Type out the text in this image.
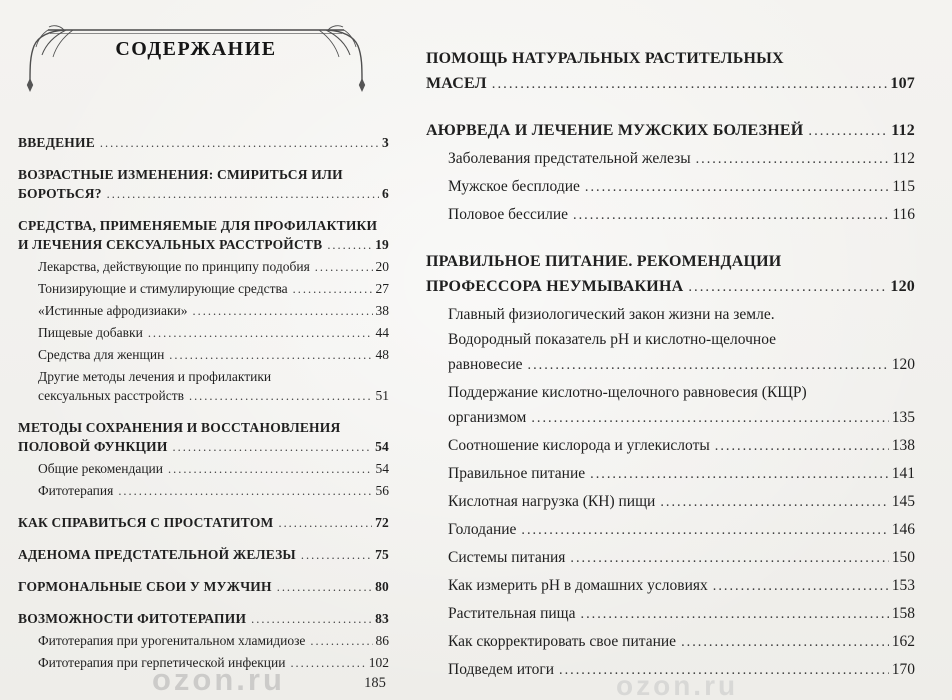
СОДЕРЖАНИЕ
ВВЕДЕНИЕ .....	3
ВОЗРАСТНЫЕ ИЗМЕНЕНИЯ: СМИРИТЬСЯ ИЛИ
БОРОТЬСЯ? .....	6
СРЕДСТВА, ПРИМЕНЯЕМЫЕ ДЛЯ ПРОФИЛАКТИКИ
И ЛЕЧЕНИЯ СЕКСУАЛЬНЫХ РАССТРОЙСТВ .....	19
Лекарства, действующие по принципу подобия .....	20
Тонизирующие и стимулирующие средства .....	27
«Истинные афродизиаки» .....	38
Пищевые добавки .....	44
Средства для женщин .....	48
Другие методы лечения и профилактики
сексуальных расстройств .....	51
МЕТОДЫ СОХРАНЕНИЯ И ВОССТАНОВЛЕНИЯ
ПОЛОВОЙ ФУНКЦИИ .....	54
Общие рекомендации .....	54
Фитотерапия .....	56
КАК СПРАВИТЬСЯ С ПРОСТАТИТОМ .....	72
АДЕНОМА ПРЕДСТАТЕЛЬНОЙ ЖЕЛЕЗЫ .....	75
ГОРМОНАЛЬНЫЕ СБОИ У МУЖЧИН .....	80
ВОЗМОЖНОСТИ ФИТОТЕРАПИИ .....	83
Фитотерапия при урогенитальном хламидиозе .....	86
Фитотерапия при герпетической инфекции .....	102
ПОМОЩЬ НАТУРАЛЬНЫХ РАСТИТЕЛЬНЫХ
МАСЕЛ .....	107
АЮРВЕДА И ЛЕЧЕНИЕ МУЖСКИХ БОЛЕЗНЕЙ .....	112
Заболевания предстательной железы .....	112
Мужское бесплодие .....	115
Половое бессилие .....	116
ПРАВИЛЬНОЕ ПИТАНИЕ. РЕКОМЕНДАЦИИ
ПРОФЕССОРА НЕУМЫВАКИНА .....	120
Главный физиологический закон жизни на земле.
Водородный показатель pH и кислотно-щелочное
равновесие .....	120
Поддержание кислотно-щелочного равновесия (КЩР)
организмом .....	135
Соотношение кислорода и углекислоты .....	138
Правильное питание .....	141
Кислотная нагрузка (КН) пищи .....	145
Голодание .....	146
Системы питания .....	150
Как измерить pH в домашних условиях .....	153
Растительная пища .....	158
Как скорректировать свое питание .....	162
Подведем итоги .....	170
185
ozon.ru	ozon.ru
